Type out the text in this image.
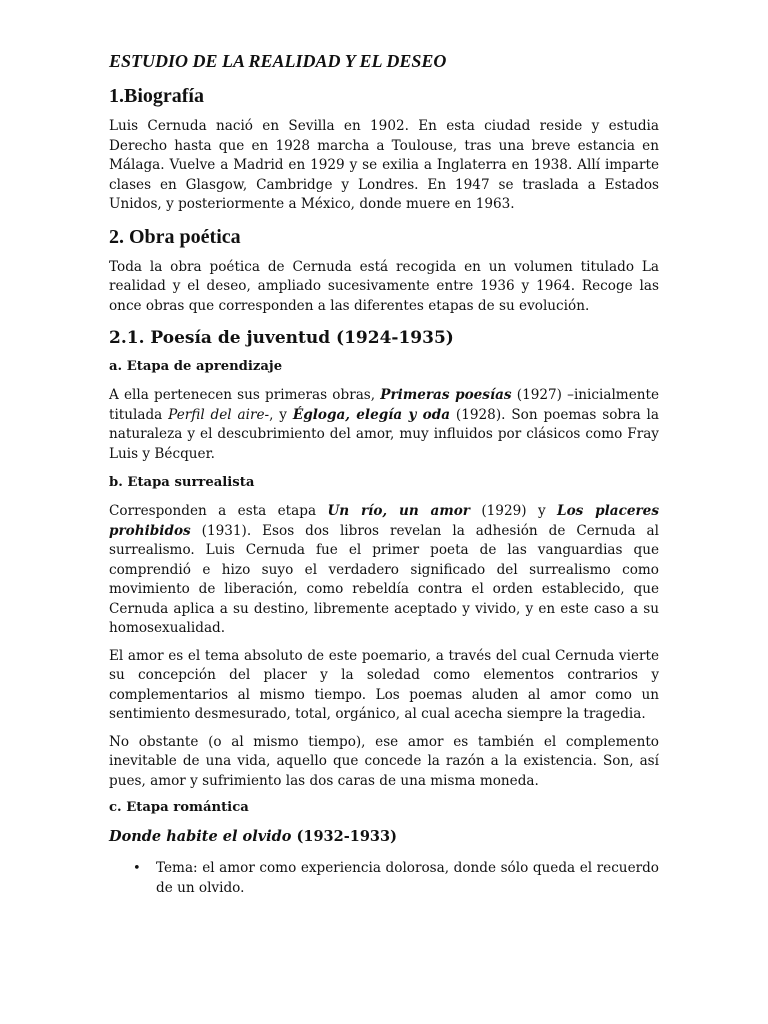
ESTUDIO DE LA REALIDAD Y EL DESEO
1.Biografía

Luis Cernuda nació en Sevilla en 1902. En esta ciudad reside y estudia Derecho hasta que en 1928 marcha a Toulouse, tras una breve estancia en Málaga. Vuelve a Madrid en 1929 y se exilia a Inglaterra en 1938. Allí imparte clases en Glasgow, Cambridge y Londres. En 1947 se traslada a Estados Unidos, y posteriormente a México, donde muere en 1963.

2. Obra poética

Toda la obra poética de Cernuda está recogida en un volumen titulado La realidad y el deseo, ampliado sucesivamente entre 1936 y 1964. Recoge las once obras que corresponden a las diferentes etapas de su evolución.

2.1. Poesía de juventud (1924-1935)
a. Etapa de aprendizaje

A ella pertenecen sus primeras obras, Primeras poesías (1927) –inicialmente titulada Perfil del aire-, y Égloga, elegía y oda (1928). Son poemas sobra la naturaleza y el descubrimiento del amor, muy influidos por clásicos como Fray Luis y Bécquer.

b. Etapa surrealista

Corresponden a esta etapa Un río, un amor (1929) y Los placeres prohibidos (1931). Esos dos libros revelan la adhesión de Cernuda al surrealismo. Luis Cernuda fue el primer poeta de las vanguardias que comprendió e hizo suyo el verdadero significado del surrealismo como movimiento de liberación, como rebeldía contra el orden establecido, que Cernuda aplica a su destino, libremente aceptado y vivido, y en este caso a su homosexualidad.

El amor es el tema absoluto de este poemario, a través del cual Cernuda vierte su concepción del placer y la soledad como elementos contrarios y complementarios al mismo tiempo. Los poemas aluden al amor como un sentimiento desmesurado, total, orgánico, al cual acecha siempre la tragedia.

No obstante (o al mismo tiempo), ese amor es también el complemento inevitable de una vida, aquello que concede la razón a la existencia. Son, así pues, amor y sufrimiento las dos caras de una misma moneda.

c. Etapa romántica
Donde habite el olvido (1932-1933)
• Tema: el amor como experiencia dolorosa, donde sólo queda el recuerdo de un olvido.
